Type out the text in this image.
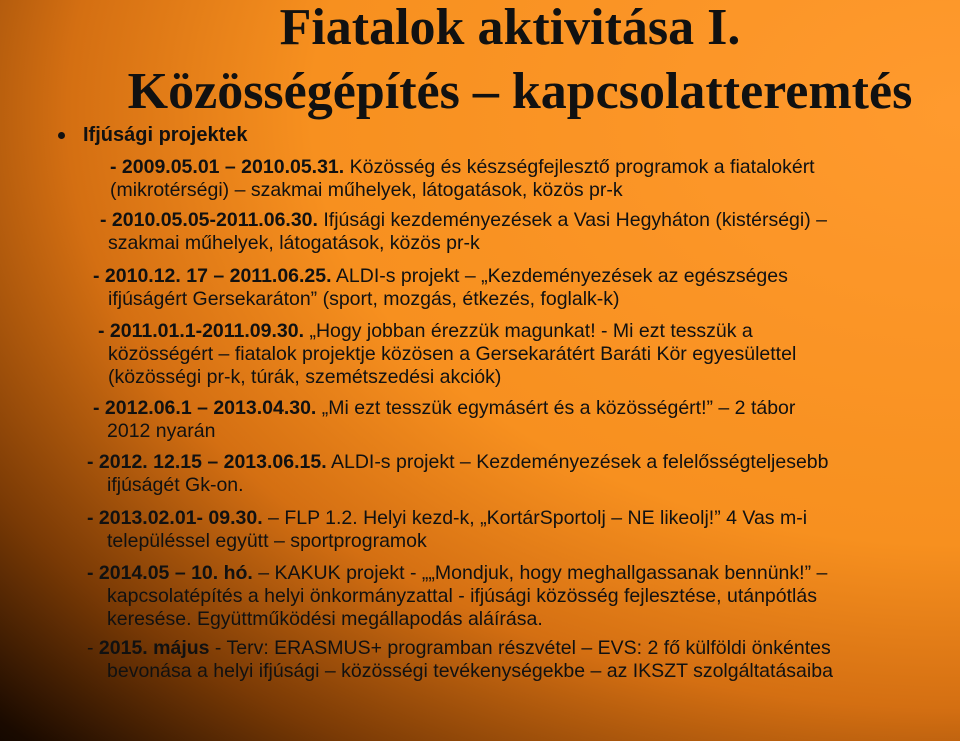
Fiatalok aktivitása I.
Közösségépítés – kapcsolatteremtés
Ifjúsági projektek
- 2009.05.01 – 2010.05.31. Közösség és készségfejlesztő programok a fiatalokért
(mikrotérségi) – szakmai műhelyek, látogatások, közös pr-k
- 2010.05.05-2011.06.30. Ifjúsági kezdeményezések a Vasi Hegyháton (kistérségi) –
szakmai műhelyek, látogatások, közös pr-k
- 2010.12. 17 – 2011.06.25. ALDI-s projekt – „Kezdeményezések az egészséges
ifjúságért Gersekaráton” (sport, mozgás, étkezés, foglalk-k)
- 2011.01.1-2011.09.30. „Hogy jobban érezzük magunkat! - Mi ezt tesszük a
közösségért – fiatalok projektje közösen a Gersekarátért Baráti Kör egyesülettel
(közösségi pr-k, túrák, szemétszedési akciók)
- 2012.06.1 – 2013.04.30. „Mi ezt tesszük egymásért és a közösségért!” – 2 tábor
2012 nyarán
- 2012. 12.15 – 2013.06.15. ALDI-s projekt – Kezdeményezések a felelősségteljesebb
ifjúságét Gk-on.
- 2013.02.01- 09.30. – FLP 1.2. Helyi kezd-k, „KortárSportolj – NE likeolj!” 4 Vas m-i
településsel együtt – sportprogramok
- 2014.05 – 10. hó. – KAKUK projekt - „„Mondjuk, hogy meghallgassanak bennünk!” –
kapcsolatépítés a helyi önkormányzattal - ifjúsági közösség fejlesztése, utánpótlás
keresése. Együttműködési megállapodás aláírása.
- 2015. május - Terv: ERASMUS+ programban részvétel – EVS: 2 fő külföldi önkéntes
bevonása a helyi ifjúsági – közösségi tevékenységekbe – az IKSZT szolgáltatásaiba
